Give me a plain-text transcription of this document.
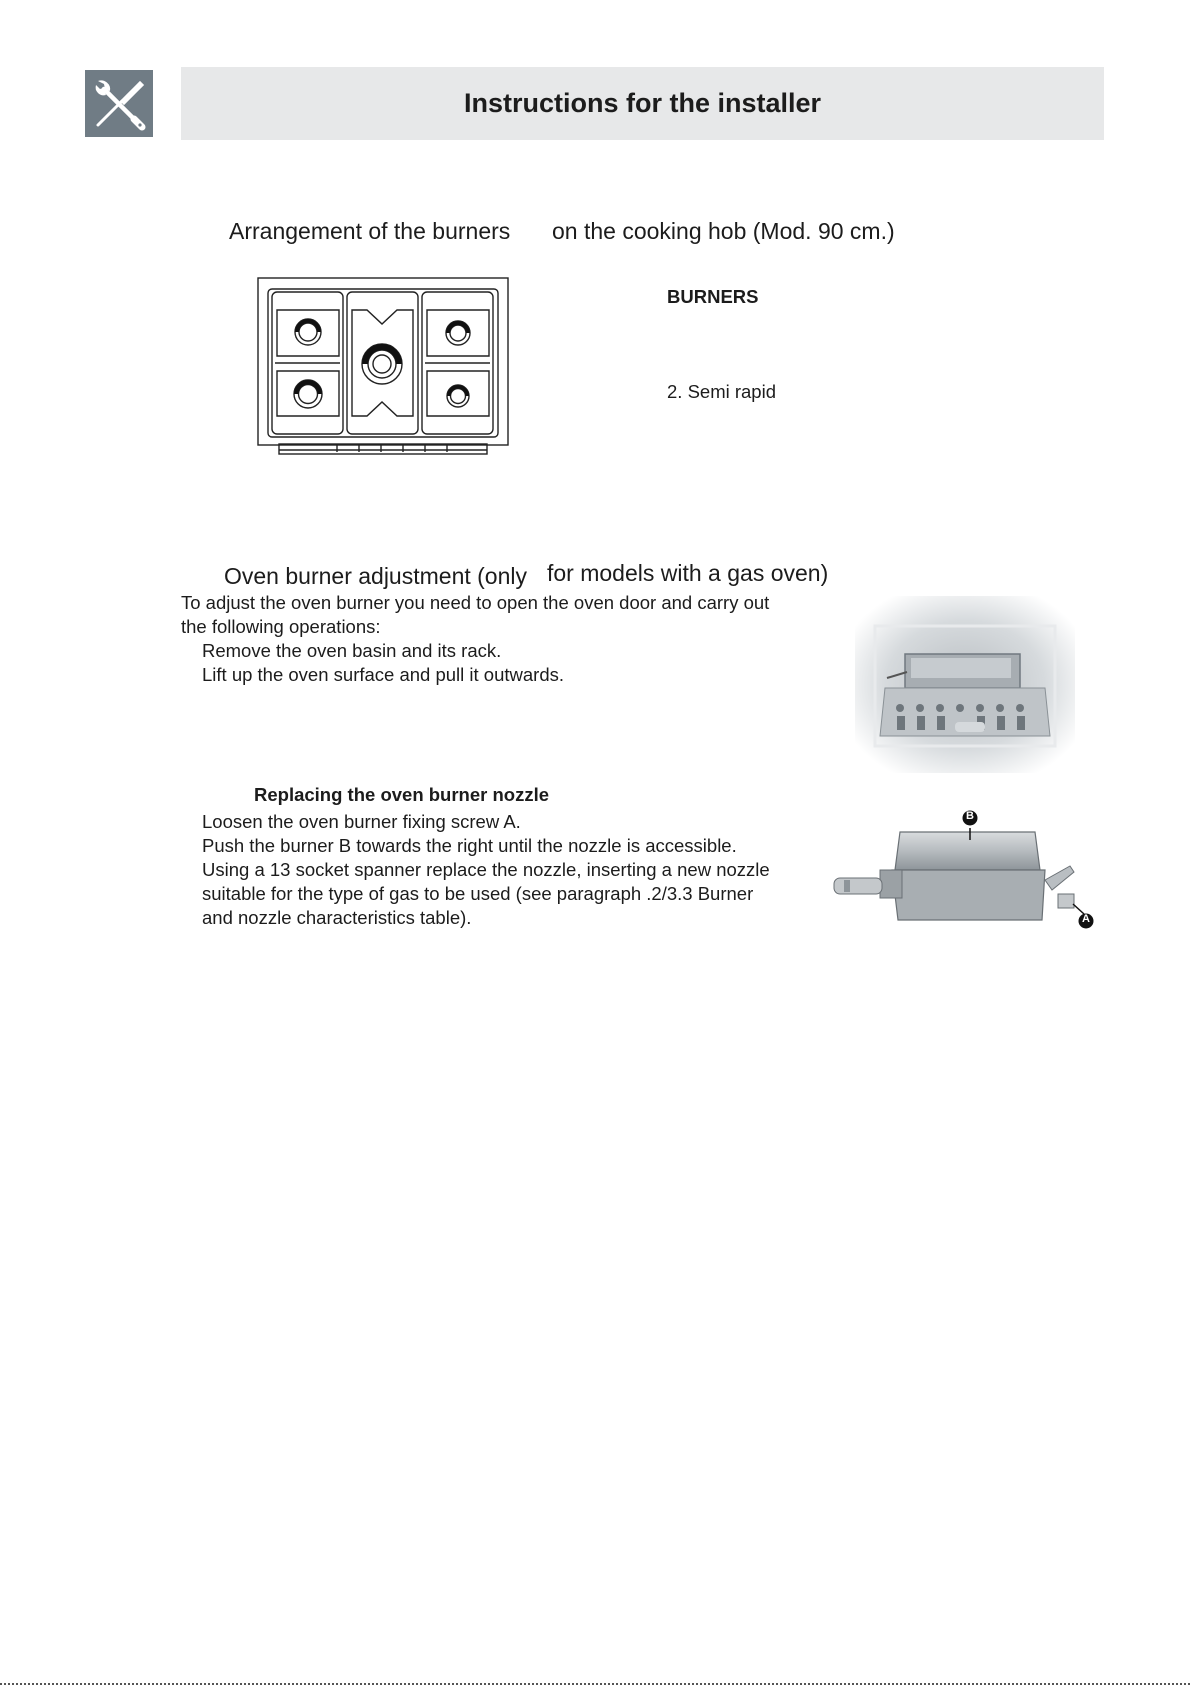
Instructions for the installer
Arrangement of the burners on the cooking hob (Mod. 90 cm.)
BURNERS
2. Semi rapid
Oven burner adjustment (only for models with a gas oven)
To adjust the oven burner you need to open the oven door and carry out
the following operations:
Remove the oven basin and its rack.
Lift up the oven surface and pull it outwards.
Replacing the oven burner nozzle
Loosen the oven burner fixing screw A.
Push the burner B towards the right until the nozzle is accessible.
Using a 13 socket spanner replace the nozzle, inserting a new nozzle
suitable for the type of gas to be used (see paragraph .2/3.3 Burner
and nozzle characteristics table).
B
A
